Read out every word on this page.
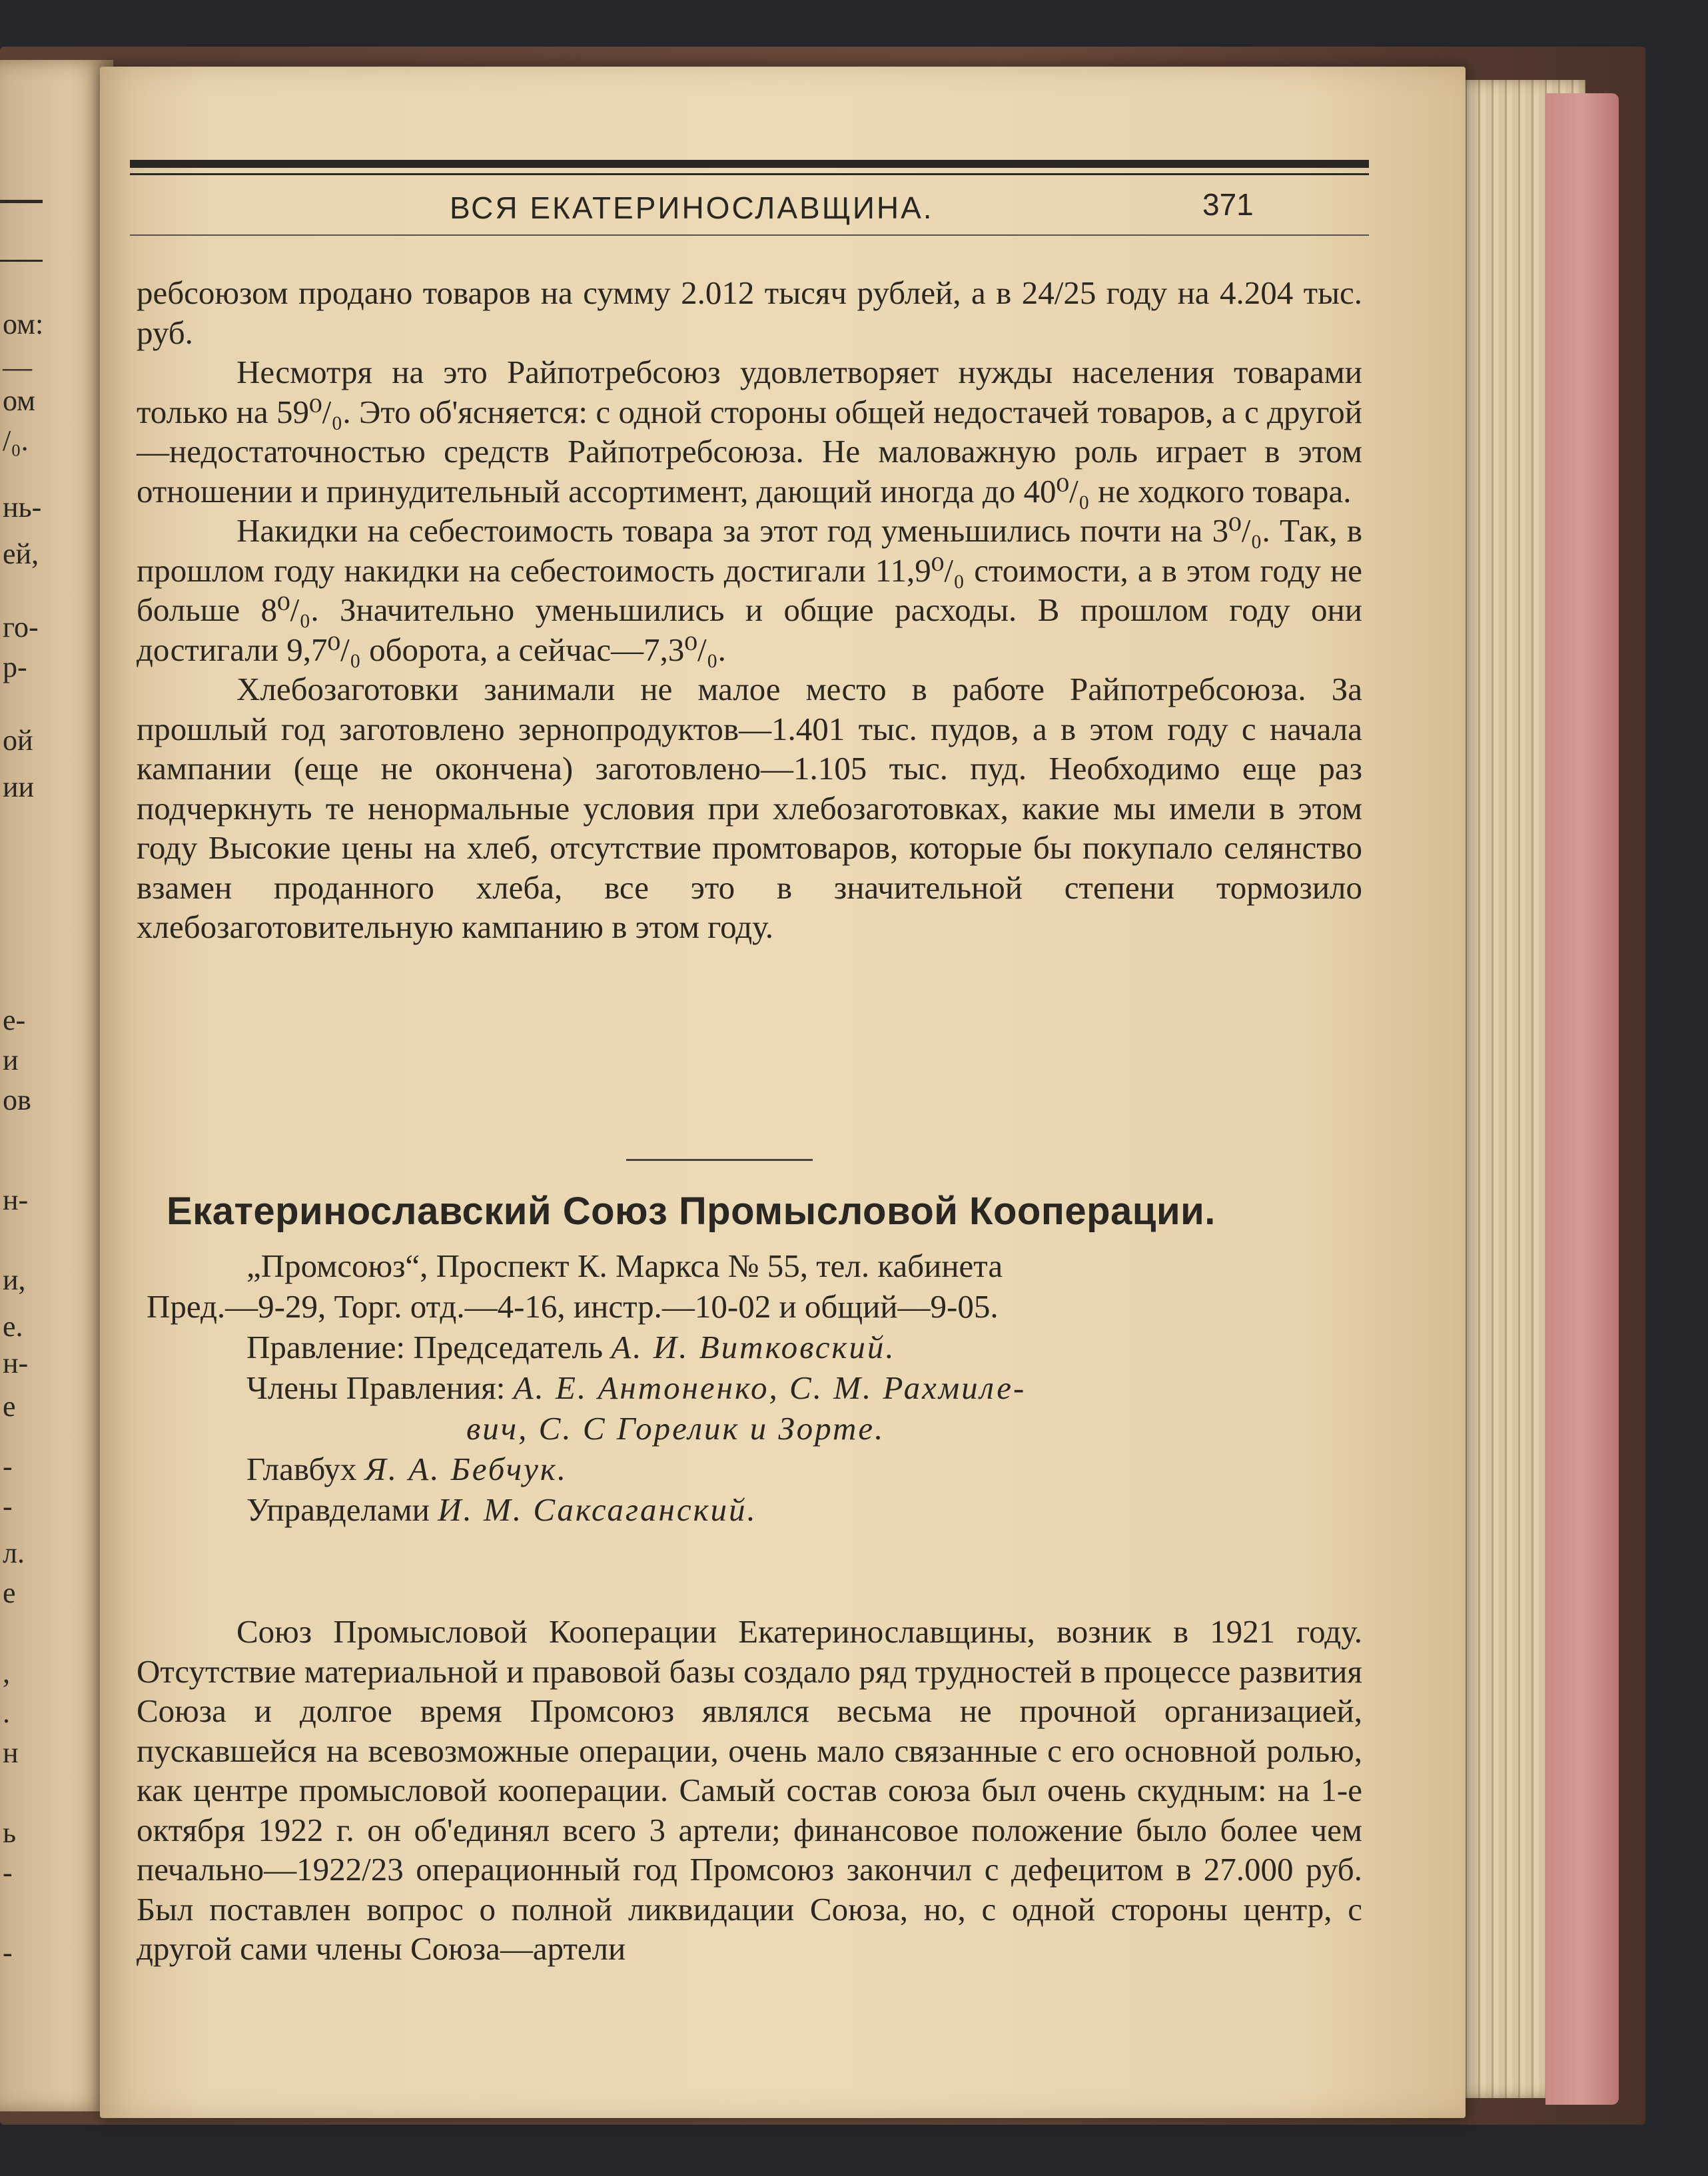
ом:
—
ом
/₀.
нь-
ей,
го-
р-
ой
ии
е-
и
ов
н-
и,
е.
н-
е
-
-
л.
е
,
.
н
ь
-
-
ВСЯ ЕКАТЕРИНОСЛАВЩИНА.	371

ребсоюзом продано товаров на сумму 2.012 тысяч рублей, а в 24/25 году на 4.204 тыс. руб.

Несмотря на это Райпотребсоюз удовлетворяет нужды населения товарами только на 59⁰/₀. Это об'ясняется: с одной стороны общей недостачей товаров, а с другой—недостаточностью средств Райпотребсоюза. Не маловажную роль играет в этом отношении и принудительный ассортимент, дающий иногда до 40⁰/₀ не ходкого товара.

Накидки на себестоимость товара за этот год уменьшились почти на 3⁰/₀. Так, в прошлом году накидки на себестоимость достигали 11,9⁰/₀ стоимости, а в этом году не больше 8⁰/₀. Значительно уменьшились и общие расходы. В прошлом году они достигали 9,7⁰/₀ оборота, а сейчас—7,3⁰/₀.

Хлебозаготовки занимали не малое место в работе Райпотребсоюза. За прошлый год заготовлено зернопродуктов—1.401 тыс. пудов, а в этом году с начала кампании (еще не окончена) заготовлено—1.105 тыс. пуд. Необходимо еще раз подчеркнуть те ненормальные условия при хлебозаготовках, какие мы имели в этом году Высокие цены на хлеб, отсутствие промтоваров, которые бы покупало селянство взамен проданного хлеба, все это в значительной степени тормозило хлебозаготовительную кампанию в этом году.

Екатеринославский Союз Промысловой Кооперации.
„Промсоюз“, Проспект К. Маркса № 55, тел. кабинета
Пред.—9-29, Торг. отд.—4-16, инстр.—10-02 и общий—9-05.
Правление: Председатель А. И. Витковский.
Члены Правления: А. Е. Антоненко, С. М. Рахмиле-
вич, С. С Горелик и Зорте.
Главбух Я. А. Бебчук.
Управделами И. М. Саксаганский.

Союз Промысловой Кооперации Екатеринославщины, возник в 1921 году. Отсутствие материальной и правовой базы создало ряд трудностей в процессе развития Союза и долгое время Промсоюз являлся весьма не прочной организацией, пускавшейся на всевозможные операции, очень мало связанные с его основной ролью, как центре промысловой кооперации. Самый состав союза был очень скудным: на 1-е октября 1922 г. он об'единял всего 3 артели; финансовое положение было более чем печально—1922/23 операционный год Промсоюз закончил с дефецитом в 27.000 руб. Был поставлен вопрос о полной ликвидации Союза, но, с одной стороны центр, с другой сами члены Союза—артели
